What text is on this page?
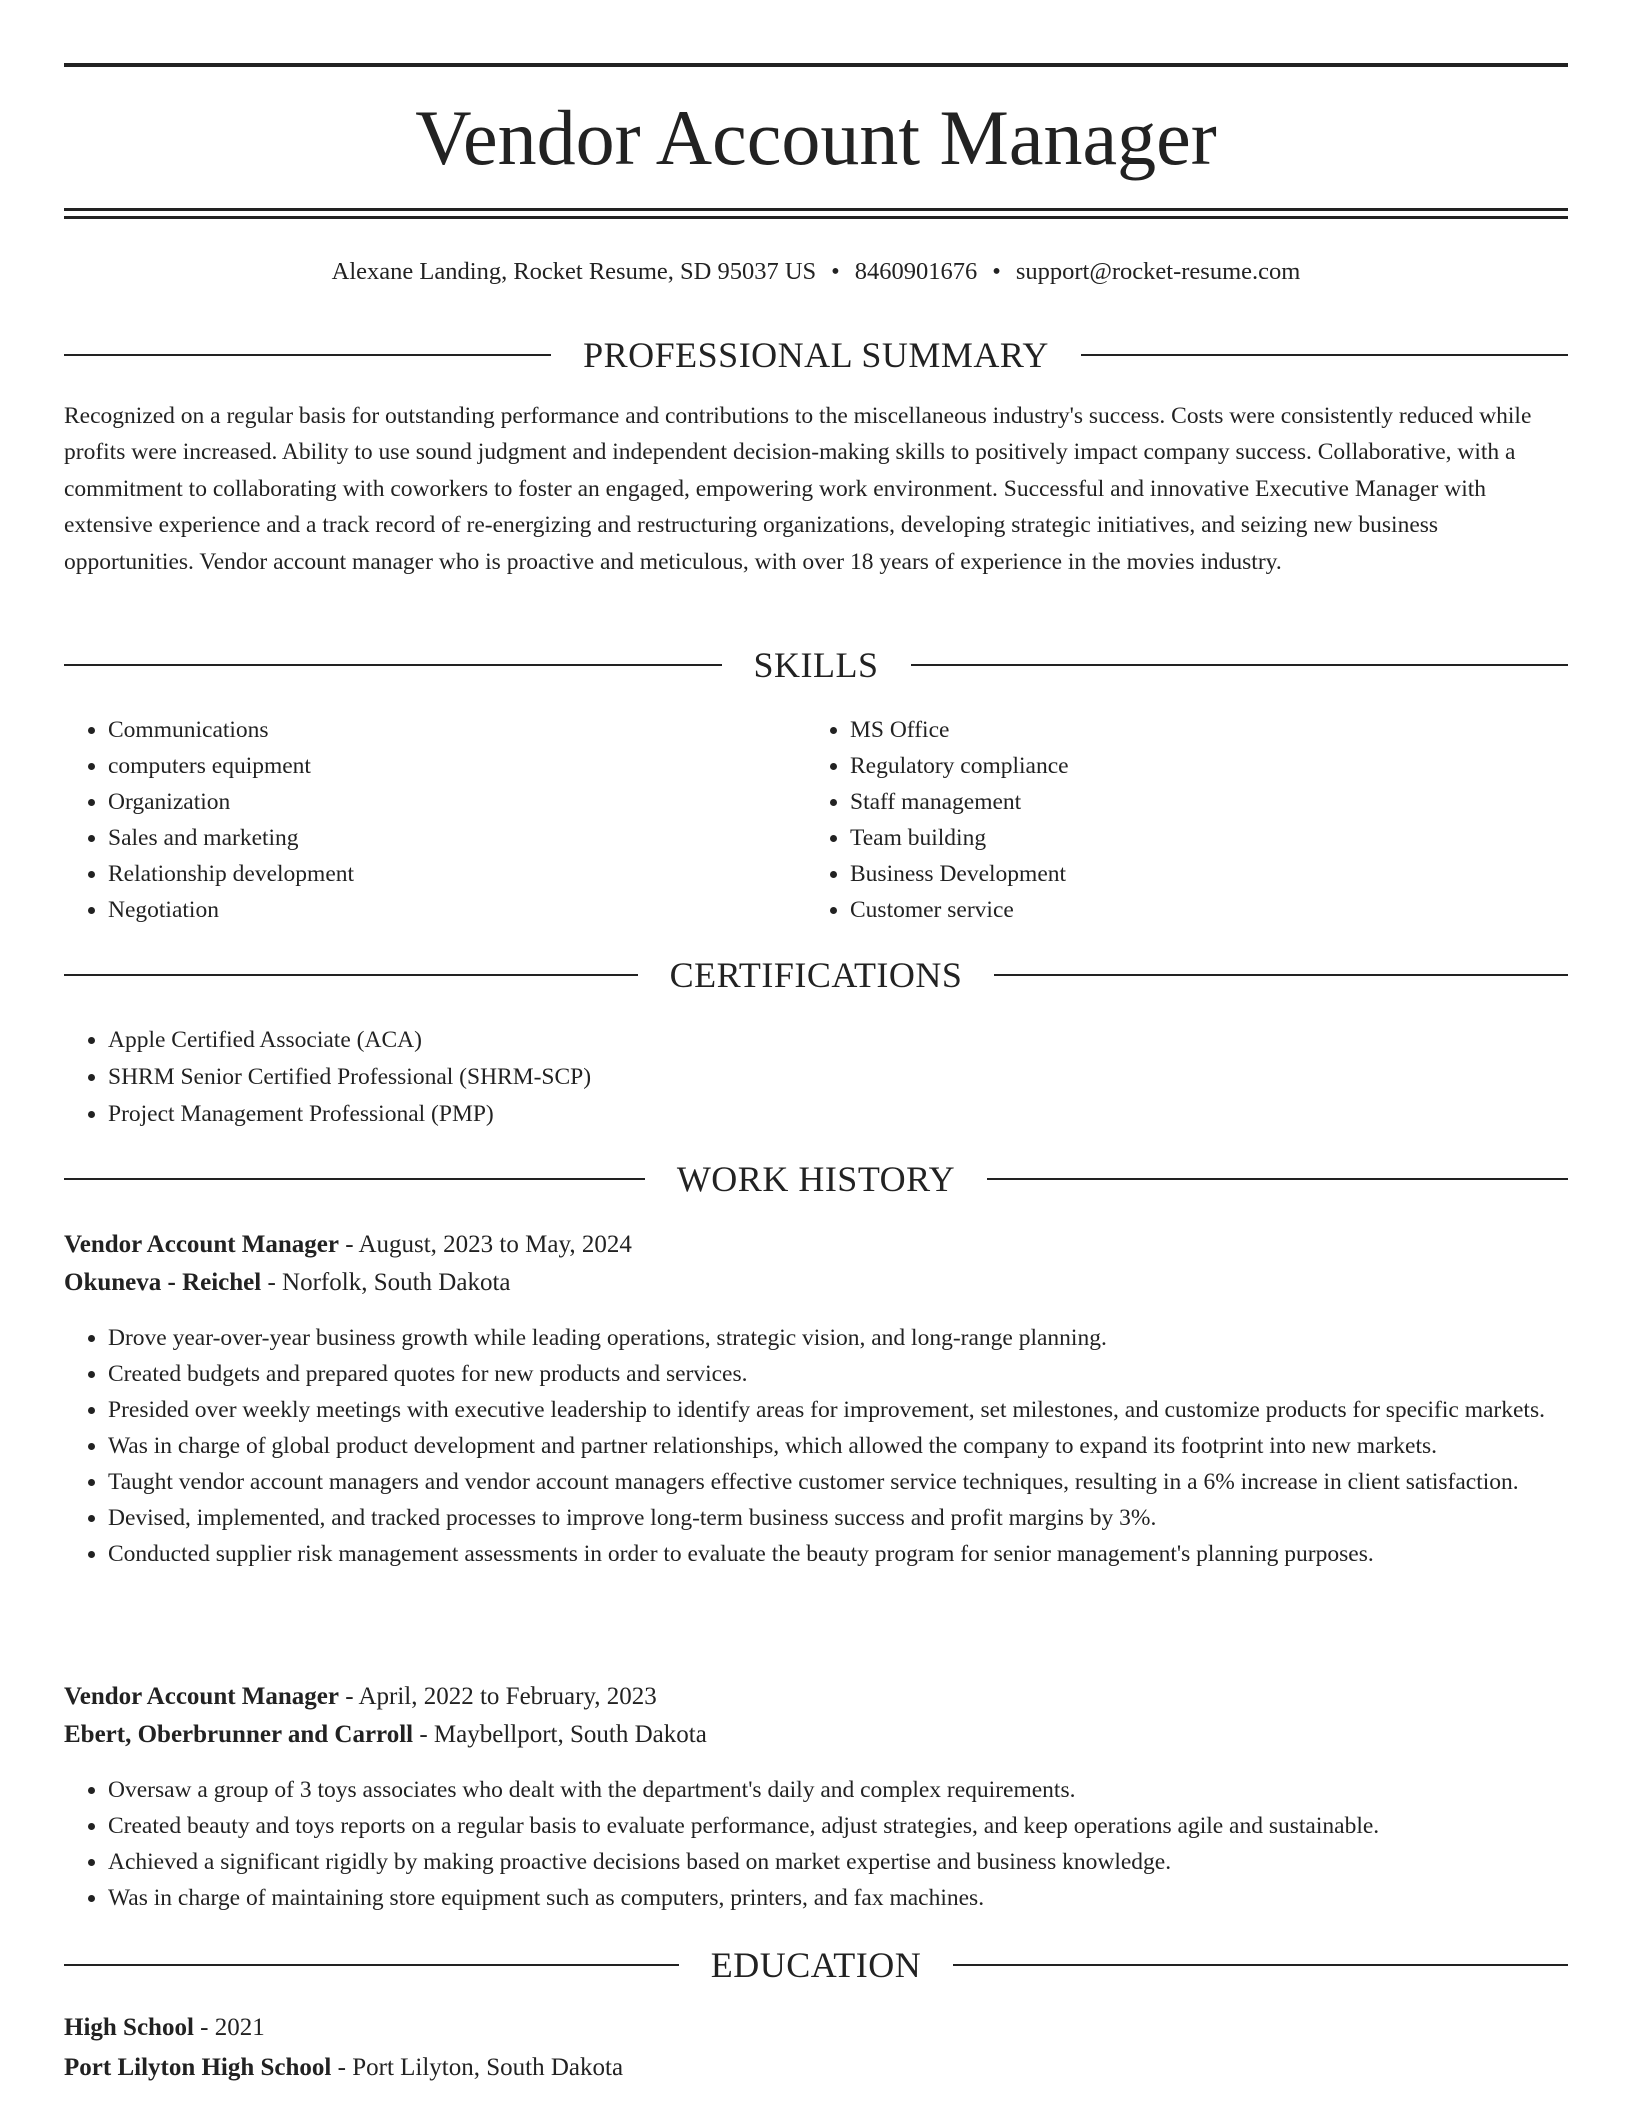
Vendor Account Manager
Alexane Landing, Rocket Resume, SD 95037 US • 8460901676 • support@rocket-resume.com
PROFESSIONAL SUMMARY

Recognized on a regular basis for outstanding performance and contributions to the miscellaneous industry's success. Costs were consistently reduced while profits were increased. Ability to use sound judgment and independent decision-making skills to positively impact company success. Collaborative, with a commitment to collaborating with coworkers to foster an engaged, empowering work environment. Successful and innovative Executive Manager with extensive experience and a track record of re-energizing and restructuring organizations, developing strategic initiatives, and seizing new business opportunities. Vendor account manager who is proactive and meticulous, with over 18 years of experience in the movies industry.

SKILLS
• Communications
• computers equipment
• Organization
• Sales and marketing
• Relationship development
• Negotiation
• MS Office
• Regulatory compliance
• Staff management
• Team building
• Business Development
• Customer service
CERTIFICATIONS
• Apple Certified Associate (ACA)
• SHRM Senior Certified Professional (SHRM-SCP)
• Project Management Professional (PMP)
WORK HISTORY
Vendor Account Manager - August, 2023 to May, 2024
Okuneva - Reichel - Norfolk, South Dakota
• Drove year-over-year business growth while leading operations, strategic vision, and long-range planning.
• Created budgets and prepared quotes for new products and services.
• Presided over weekly meetings with executive leadership to identify areas for improvement, set milestones, and customize products for specific markets.
• Was in charge of global product development and partner relationships, which allowed the company to expand its footprint into new markets.
• Taught vendor account managers and vendor account managers effective customer service techniques, resulting in a 6% increase in client satisfaction.
• Devised, implemented, and tracked processes to improve long-term business success and profit margins by 3%.
• Conducted supplier risk management assessments in order to evaluate the beauty program for senior management's planning purposes.
Vendor Account Manager - April, 2022 to February, 2023
Ebert, Oberbrunner and Carroll - Maybellport, South Dakota
• Oversaw a group of 3 toys associates who dealt with the department's daily and complex requirements.
• Created beauty and toys reports on a regular basis to evaluate performance, adjust strategies, and keep operations agile and sustainable.
• Achieved a significant rigidly by making proactive decisions based on market expertise and business knowledge.
• Was in charge of maintaining store equipment such as computers, printers, and fax machines.
EDUCATION
High School - 2021
Port Lilyton High School - Port Lilyton, South Dakota
